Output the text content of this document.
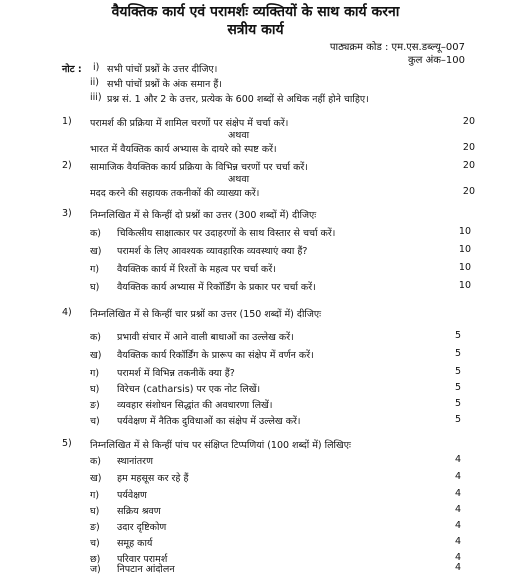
वैयक्तिक कार्य एवं परामर्शः व्यक्तियों के साथ कार्य करना
सत्रीय कार्य
पाठ्यक्रम कोड : एम.एस.डब्ल्यू–007
कुल अंक–100
नोट : i) सभी पांचों प्रश्नों के उत्तर दीजिए।
ii) सभी पांचों प्रश्नों के अंक समान हैं।
iii) प्रश्न सं. 1 और 2 के उत्तर, प्रत्येक के 600 शब्दों से अधिक नहीं होने चाहिए।
1) परामर्श की प्रक्रिया में शामिल चरणों पर संक्षेप में चर्चा करें।	20
अथवा
भारत में वैयक्तिक कार्य अभ्यास के दायरे को स्पष्ट करें।	20
2) सामाजिक वैयक्तिक कार्य प्रक्रिया के विभिन्न चरणों पर चर्चा करें।	20
अथवा
मदद करने की सहायक तकनीकों की व्याख्या करें।	20
3) निम्नलिखित में से किन्हीं दो प्रश्नों का उत्तर (300 शब्दों में) दीजिएः
क) चिकित्सीय साक्षात्कार पर उदाहरणों के साथ विस्तार से चर्चा करें।	10
ख) परामर्श के लिए आवश्यक व्यावहारिक व्यवस्थाएं क्या हैं?	10
ग) वैयक्तिक कार्य में रिश्तों के महत्व पर चर्चा करें।	10
घ) वैयक्तिक कार्य अभ्यास में रिकॉर्डिंग के प्रकार पर चर्चा करें।	10
4) निम्नलिखित में से किन्हीं चार प्रश्नों का उत्तर (150 शब्दों में) दीजिएः
क) प्रभावी संचार में आने वाली बाधाओं का उल्लेख करें।	5
ख) वैयक्तिक कार्य रिकॉर्डिंग के प्रारूप का संक्षेप में वर्णन करें।	5
ग) परामर्श में विभिन्न तकनीकें क्या हैं?	5
घ) विरेचन (catharsis) पर एक नोट लिखें।	5
ङ) व्यवहार संशोधन सिद्धांत की अवधारणा लिखें।	5
च) पर्यवेक्षण में नैतिक दुविधाओं का संक्षेप में उल्लेख करें।	5
5) निम्नलिखित में से किन्हीं पांच पर संक्षिप्त टिप्पणियां (100 शब्दों में) लिखिएः
क) स्थानांतरण	4
ख) हम महसूस कर रहे हैं	4
ग) पर्यवेक्षण	4
घ) सक्रिय श्रवण	4
ङ) उदार दृष्टिकोण	4
च) समूह कार्य	4
छ) परिवार परामर्श	4
ज) निपटान आंदोलन	4
